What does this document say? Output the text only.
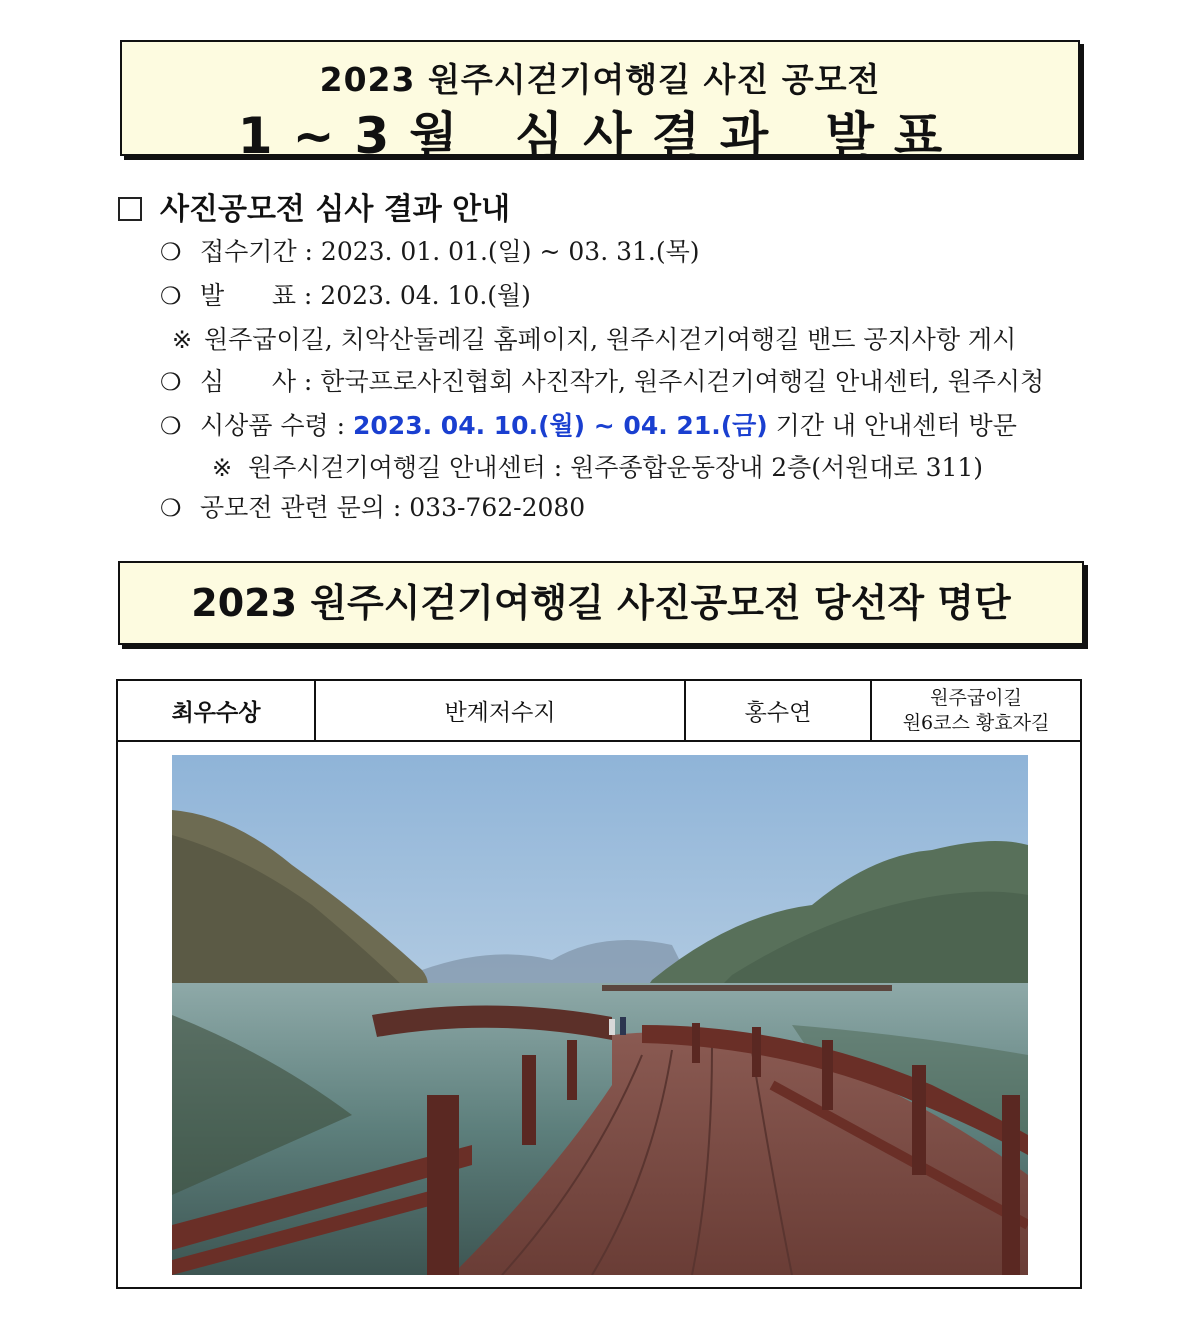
2023 원주시걷기여행길 사진 공모전
1~3월 심사결과 발표
사진공모전 심사 결과 안내
❍ 접수기간 : 2023. 01. 01.(일) ~ 03. 31.(목)
❍ 발      표 : 2023. 04. 10.(월)
※ 원주굽이길, 치악산둘레길 홈페이지, 원주시걷기여행길 밴드 공지사항 게시
❍ 심      사 : 한국프로사진협회 사진작가, 원주시걷기여행길 안내센터, 원주시청
❍ 시상품 수령 : 2023. 04. 10.(월) ~ 04. 21.(금) 기간 내 안내센터 방문
※ 원주시걷기여행길 안내센터 : 원주종합운동장내 2층(서원대로 311)
❍ 공모전 관련 문의 : 033-762-2080
2023 원주시걷기여행길 사진공모전 당선작 명단
최우수상	반계저수지	홍수연
원주굽이길
원6코스 황효자길
